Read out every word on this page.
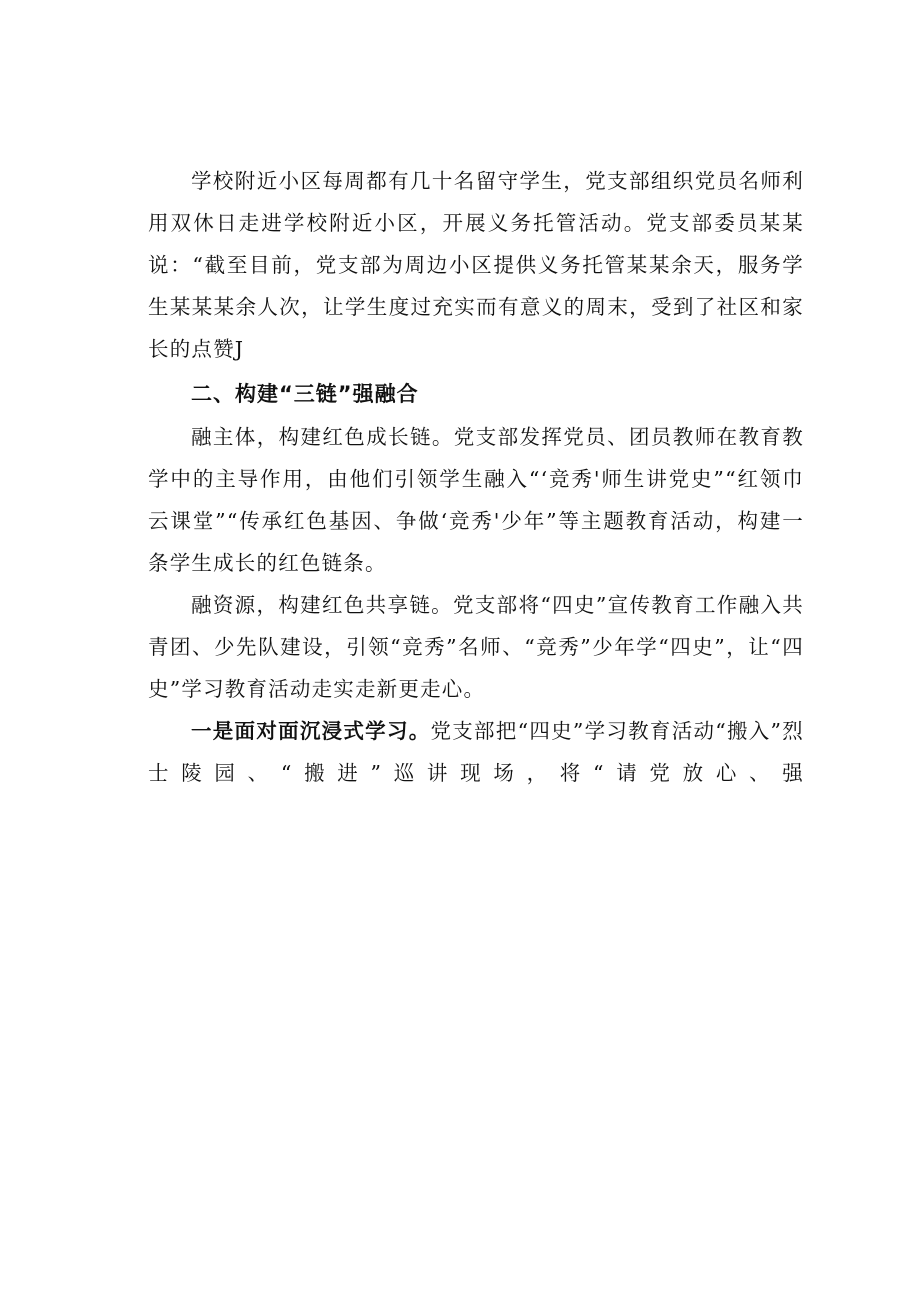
学校附近小区每周都有几十名留守学生，党支部组织党员名师利用双休日走进学校附近小区，开展义务托管活动。党支部委员某某说：“截至目前，党支部为周边小区提供义务托管某某余天，服务学生某某某余人次，让学生度过充实而有意义的周末，受到了社区和家长的点赞J

二、构建“三链”强融合

融主体，构建红色成长链。党支部发挥党员、团员教师在教育教学中的主导作用，由他们引领学生融入“‘竞秀'师生讲党史”“红领巾云课堂”“传承红色基因、争做‘竞秀'少年”等主题教育活动，构建一条学生成长的红色链条。

融资源，构建红色共享链。党支部将“四史”宣传教育工作融入共青团、少先队建设，引领“竞秀”名师、“竞秀”少年学“四史”，让“四史”学习教育活动走实走新更走心。

一是面对面沉浸式学习。党支部把“四史”学习教育活动“搬入”烈士陵园、“搬进”巡讲现场，将“请党放心、强
